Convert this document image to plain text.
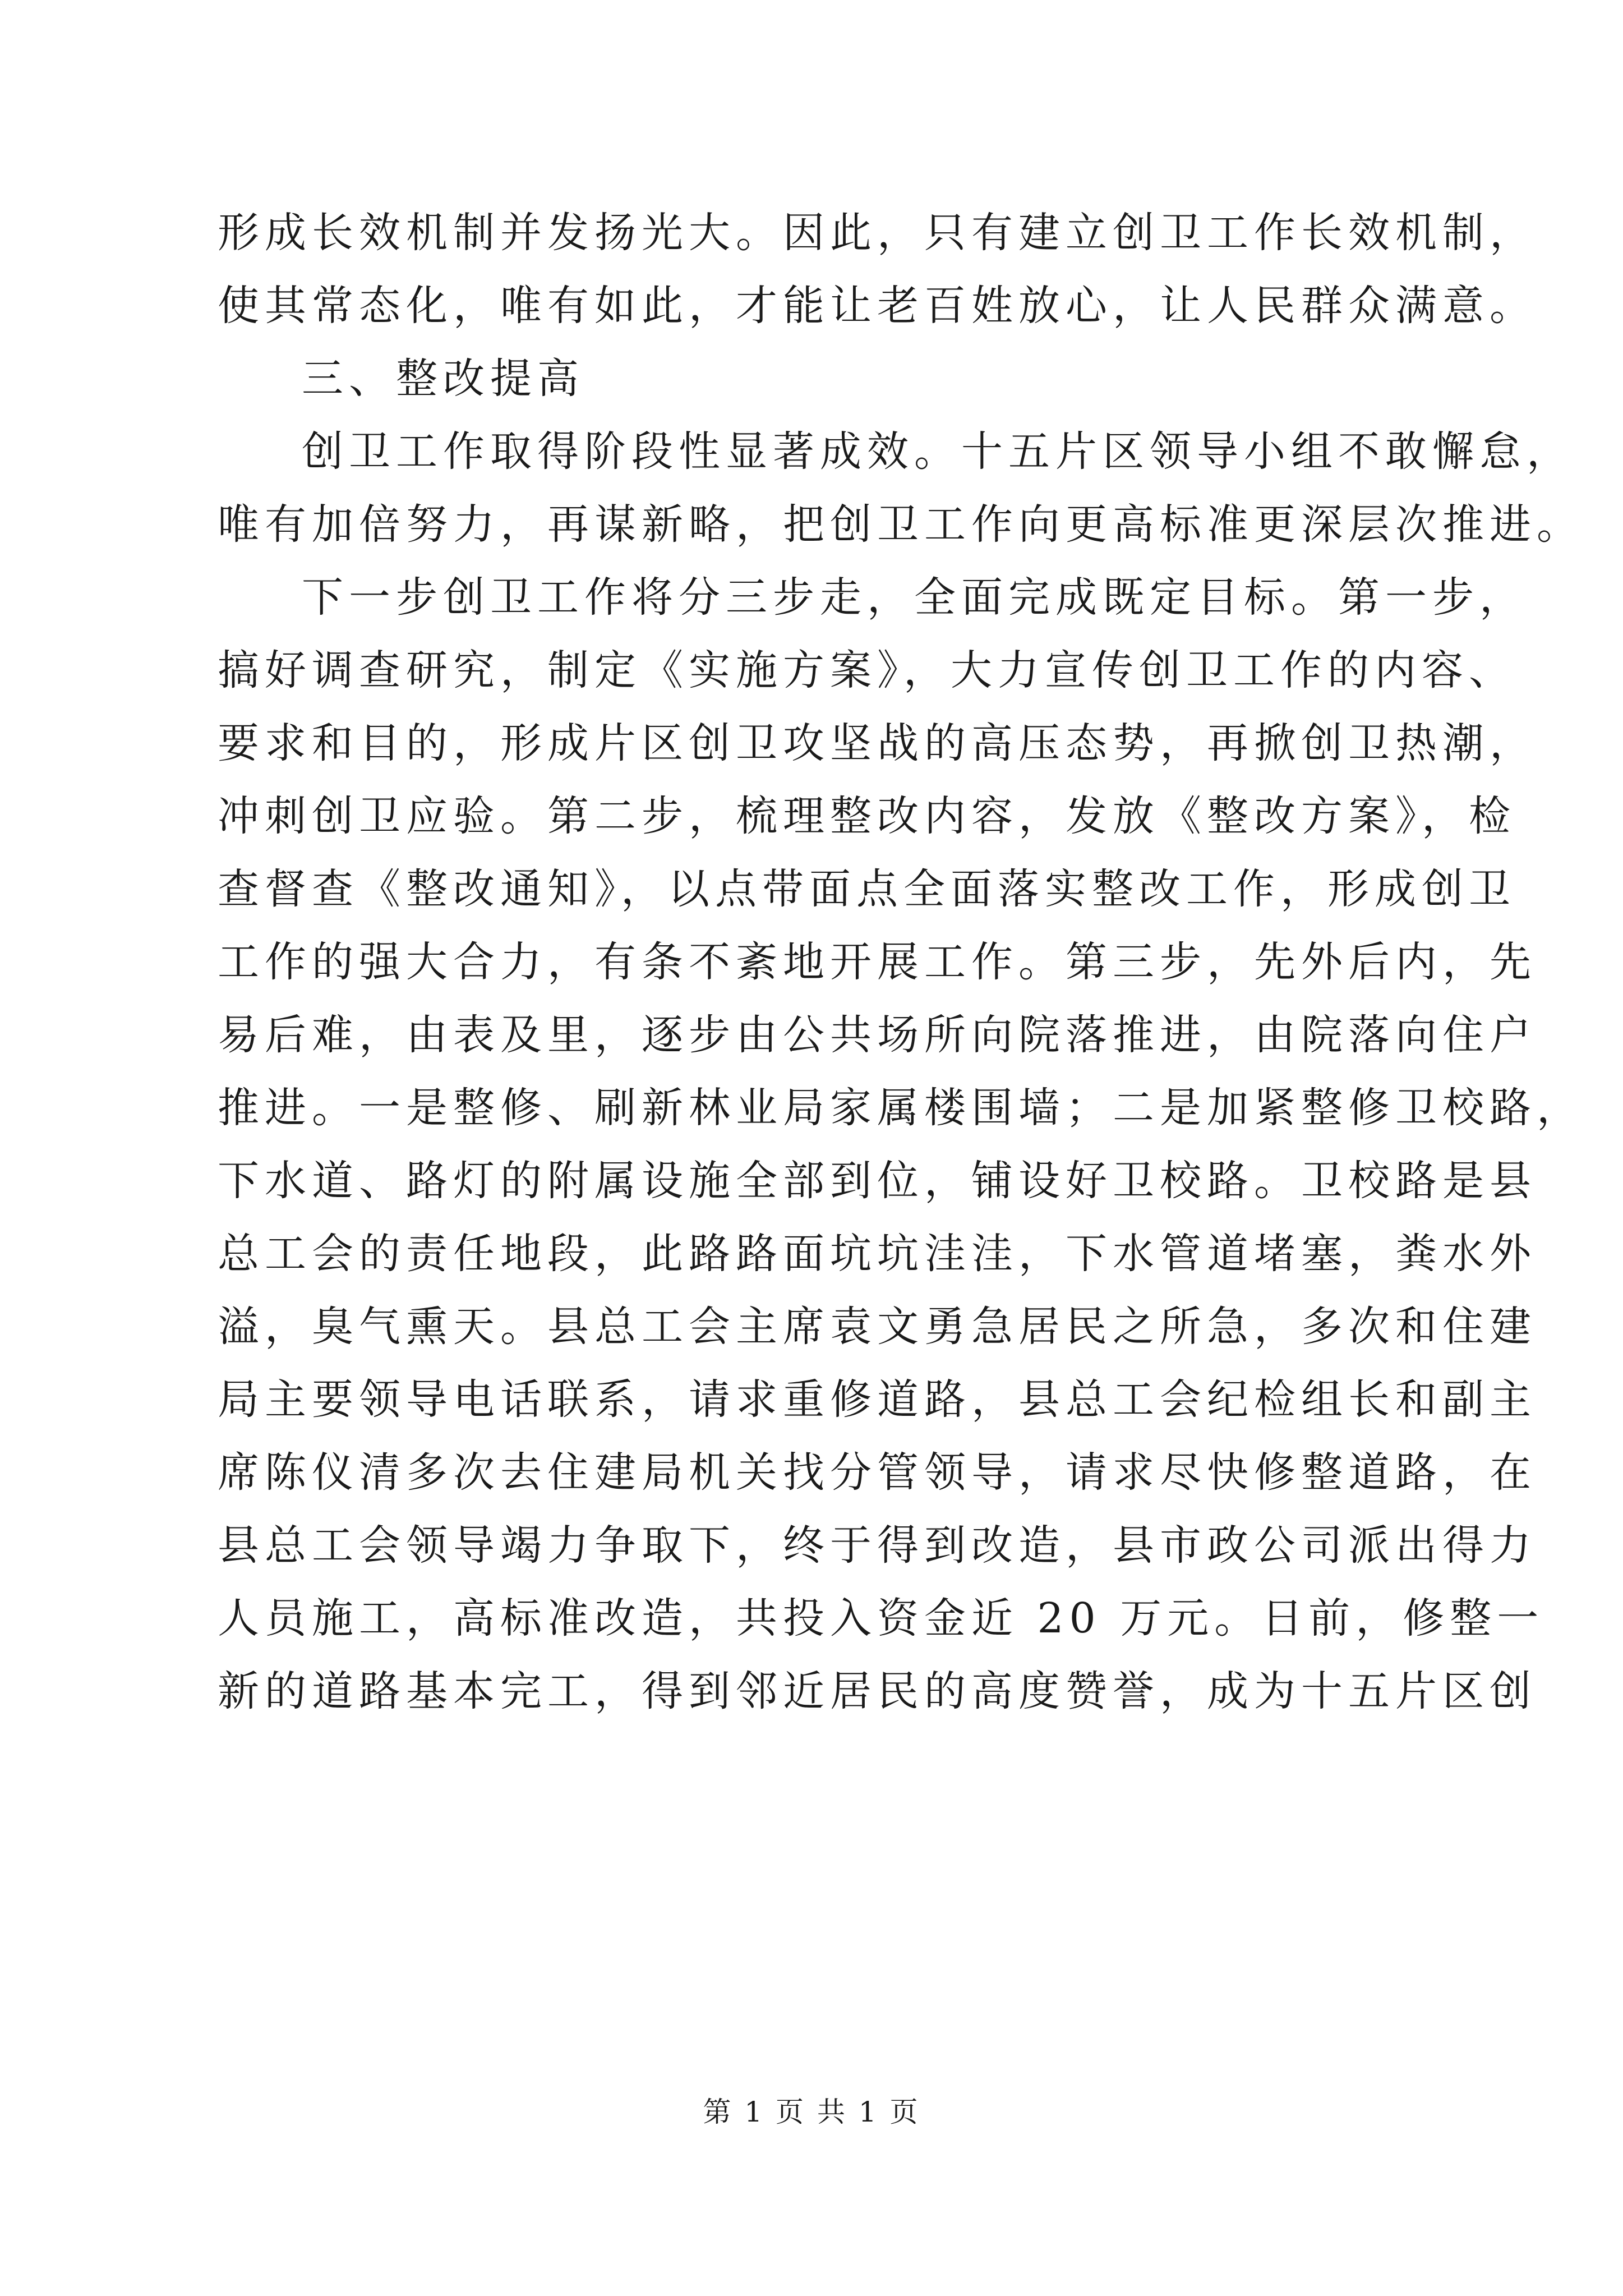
形成长效机制并发扬光大。因此，只有建立创卫工作长效机制，
使其常态化，唯有如此，才能让老百姓放心，让人民群众满意。
三、整改提高
创卫工作取得阶段性显著成效。十五片区领导小组不敢懈怠，
唯有加倍努力，再谋新略，把创卫工作向更高标准更深层次推进。
下一步创卫工作将分三步走，全面完成既定目标。第一步，
搞好调查研究，制定《实施方案》，大力宣传创卫工作的内容、
要求和目的，形成片区创卫攻坚战的高压态势，再掀创卫热潮，
冲刺创卫应验。第二步，梳理整改内容，发放《整改方案》，检
查督查《整改通知》，以点带面点全面落实整改工作，形成创卫
工作的强大合力，有条不紊地开展工作。第三步，先外后内，先
易后难，由表及里，逐步由公共场所向院落推进，由院落向住户
推进。一是整修、刷新林业局家属楼围墙；二是加紧整修卫校路，
下水道、路灯的附属设施全部到位，铺设好卫校路。卫校路是县
总工会的责任地段，此路路面坑坑洼洼，下水管道堵塞，粪水外
溢，臭气熏天。县总工会主席袁文勇急居民之所急，多次和住建
局主要领导电话联系，请求重修道路，县总工会纪检组长和副主
席陈仪清多次去住建局机关找分管领导，请求尽快修整道路，在
县总工会领导竭力争取下，终于得到改造，县市政公司派出得力
人员施工，高标准改造，共投入资金近 20 万元。日前，修整一
新的道路基本完工，得到邻近居民的高度赞誉，成为十五片区创
第 1 页 共 1 页
